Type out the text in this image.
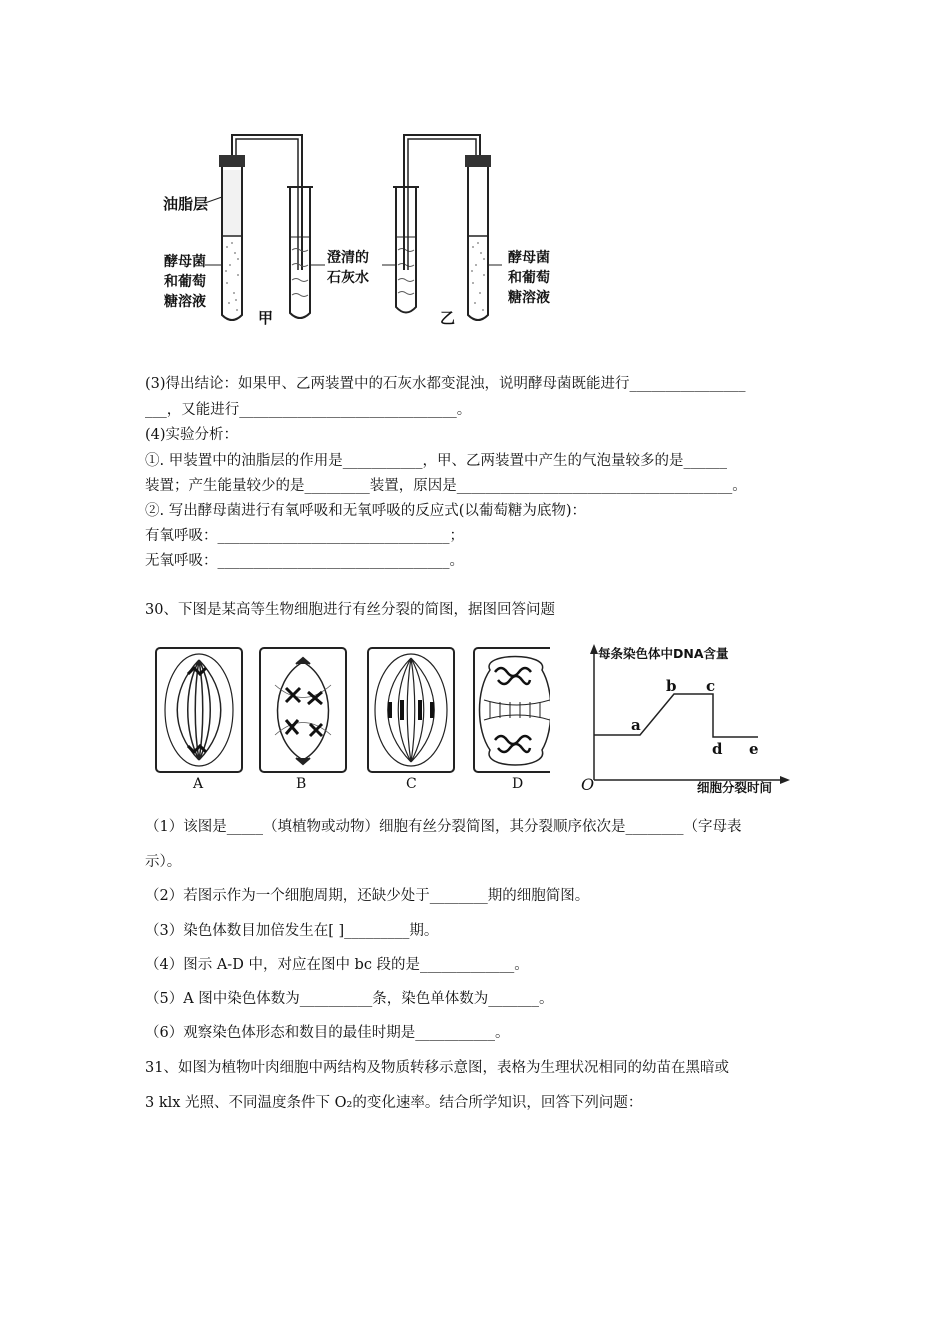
油脂层
酵母菌
和葡萄
糖溶液
澄清的
石灰水
酵母菌
和葡萄
糖溶液
甲	乙
(3)得出结论：如果甲、乙两装置中的石灰水都变混浊，说明酵母菌既能进行________________
___，又能进行______________________________。
(4)实验分析：
①. 甲装置中的油脂层的作用是___________，甲、乙两装置中产生的气泡量较多的是______
装置；产生能量较少的是_________装置，原因是______________________________________。
②. 写出酵母菌进行有氧呼吸和无氧呼吸的反应式(以葡萄糖为底物)：
有氧呼吸：________________________________；
无氧呼吸：________________________________。
30、下图是某高等生物细胞进行有丝分裂的简图，据图回答问题
A	B	C	D
每条染色体中DNA含量
细胞分裂时间
O
a
b c
d e
（1）该图是_____（填植物或动物）细胞有丝分裂简图，其分裂顺序依次是________（字母表
示）。
（2）若图示作为一个细胞周期，还缺少处于________期的细胞简图。
（3）染色体数目加倍发生在[ ]_________期。
（4）图示 A-D 中，对应在图中 bc 段的是_____________。
（5）A 图中染色体数为__________条，染色单体数为_______。
（6）观察染色体形态和数目的最佳时期是___________。
31、如图为植物叶肉细胞中两结构及物质转移示意图，表格为生理状况相同的幼苗在黑暗或
3 klx 光照、不同温度条件下 O₂的变化速率。结合所学知识，回答下列问题：
